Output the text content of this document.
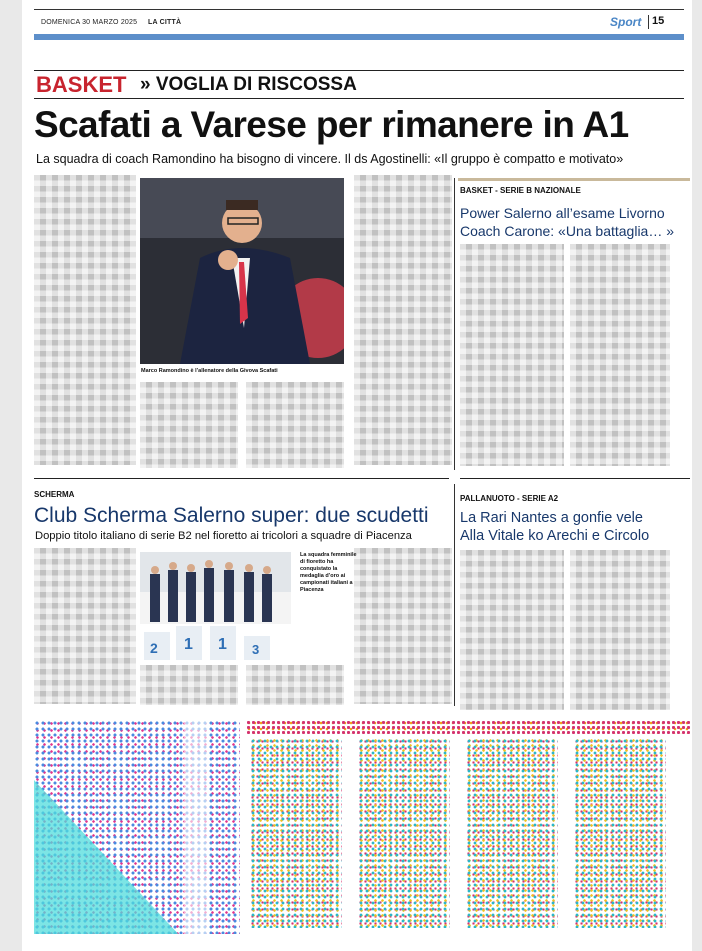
DOMENICA 30 MARZO 2025 LA CITTÀ	Sport 15
BASKET » VOGLIA DI RISCOSSA
Scafati a Varese per rimanere in A1
La squadra di coach Ramondino ha bisogno di vincere. Il ds Agostinelli: «Il gruppo è compatto e motivato»
Marco Ramondino è l’allenatore della Givova Scafati
BASKET - SERIE B NAZIONALE
Power Salerno all’esame Livorno
Coach Carone: «Una battaglia… »
SCHERMA
Club Scherma Salerno super: due scudetti
Doppio titolo italiano di serie B2 nel fioretto ai tricolori a squadre di Piacenza
2 1 1 3
La squadra femminile di fioretto ha conquistato la medaglia d’oro ai campionati italiani a Piacenza
PALLANUOTO - SERIE A2
La Rari Nantes a gonfie vele
Alla Vitale ko Arechi e Circolo
